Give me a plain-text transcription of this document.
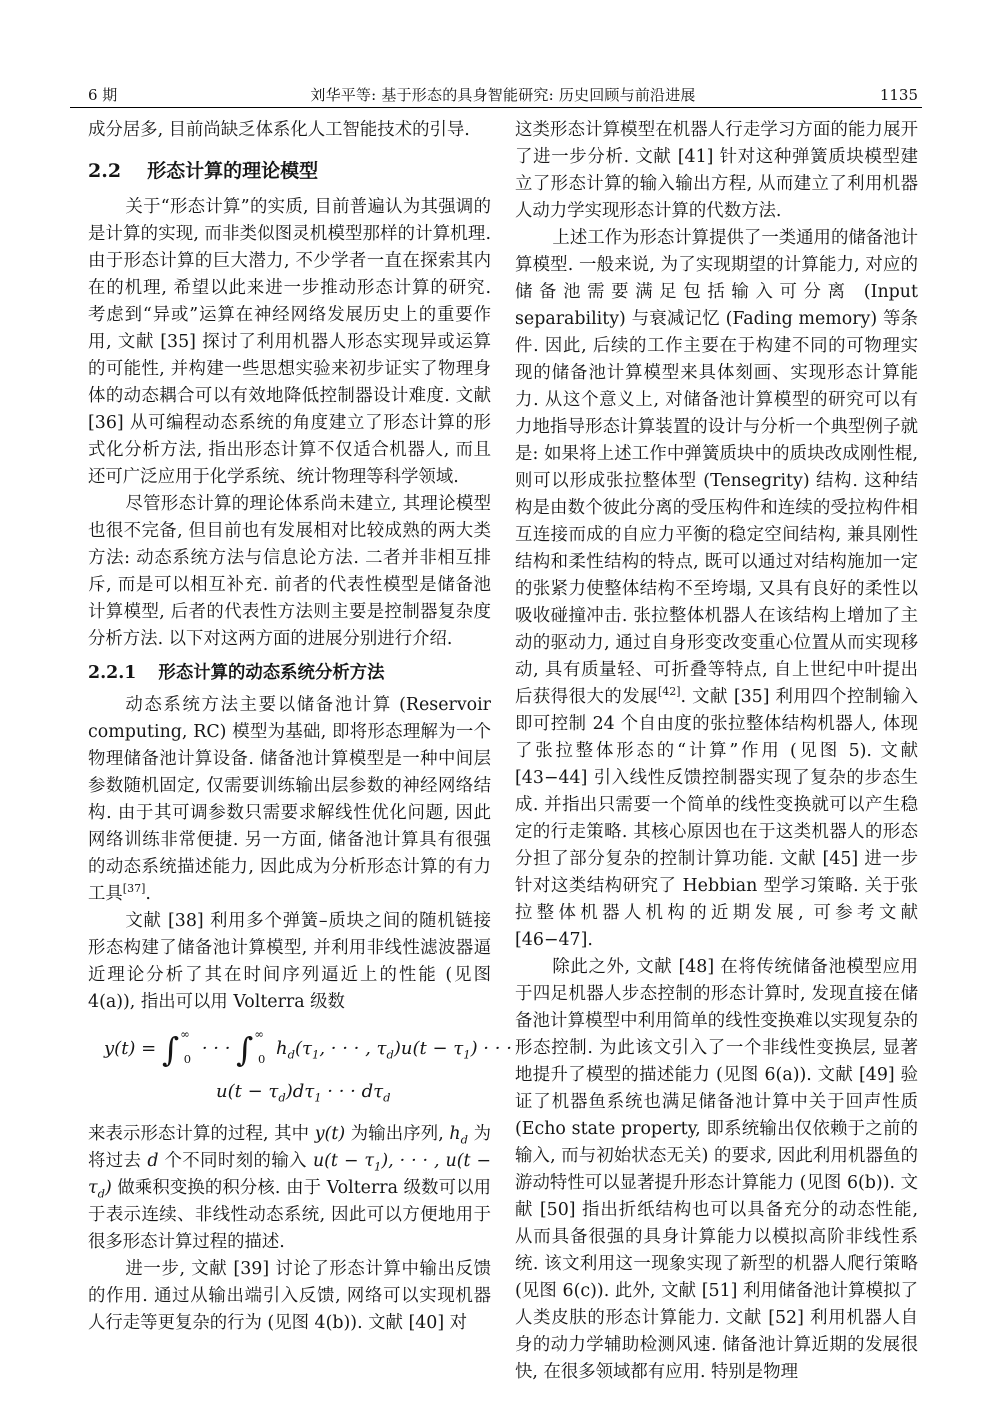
6 期	刘华平等: 基于形态的具身智能研究: 历史回顾与前沿进展	1135

成分居多, 目前尚缺乏体系化人工智能技术的引导.

2.2 形态计算的理论模型

关于“形态计算”的实质, 目前普遍认为其强调的是计算的实现, 而非类似图灵机模型那样的计算机理. 由于形态计算的巨大潜力, 不少学者一直在探索其内在的机理, 希望以此来进一步推动形态计算的研究. 考虑到“异或”运算在神经网络发展历史上的重要作用, 文献 [35] 探讨了利用机器人形态实现异或运算的可能性, 并构建一些思想实验来初步证实了物理身体的动态耦合可以有效地降低控制器设计难度. 文献 [36] 从可编程动态系统的角度建立了形态计算的形式化分析方法, 指出形态计算不仅适合机器人, 而且还可广泛应用于化学系统、统计物理等科学领域.

尽管形态计算的理论体系尚未建立, 其理论模型也很不完备, 但目前也有发展相对比较成熟的两大类方法: 动态系统方法与信息论方法. 二者并非相互排斥, 而是可以相互补充. 前者的代表性模型是储备池计算模型, 后者的代表性方法则主要是控制器复杂度分析方法. 以下对这两方面的进展分别进行介绍.

2.2.1 形态计算的动态系统分析方法

动态系统方法主要以储备池计算 (Reservoir computing, RC) 模型为基础, 即将形态理解为一个物理储备池计算设备. 储备池计算模型是一种中间层参数随机固定, 仅需要训练输出层参数的神经网络结构. 由于其可调参数只需要求解线性优化问题, 因此网络训练非常便捷. 另一方面, 储备池计算具有很强的动态系统描述能力, 因此成为分析形态计算的有力工具[37].

文献 [38] 利用多个弹簧–质块之间的随机链接形态构建了储备池计算模型, 并利用非线性滤波器逼近理论分析了其在时间序列逼近上的性能 (见图 4(a)), 指出可以用 Volterra 级数

$y(t) = \int^\infty_0$ · · · $\int^\infty_0$ $h_d(\tau_1$, · · · , $\tau_d)u(t - \tau_1)$ · · ·
$u(t - \tau_d)d\tau_1$ · · · $d\tau_d$

来表示形态计算的过程, 其中 y(t) 为输出序列, $h_d$ 为将过去 d 个不同时刻的输入 $u(t - \tau_1)$, · · · , $u(t - \tau_d)$ 做乘积变换的积分核. 由于 Volterra 级数可以用于表示连续、非线性动态系统, 因此可以方便地用于很多形态计算过程的描述.

进一步, 文献 [39] 讨论了形态计算中输出反馈的作用. 通过从输出端引入反馈, 网络可以实现机器人行走等更复杂的行为 (见图 4(b)). 文献 [40] 对

这类形态计算模型在机器人行走学习方面的能力展开了进一步分析. 文献 [41] 针对这种弹簧质块模型建立了形态计算的输入输出方程, 从而建立了利用机器人动力学实现形态计算的代数方法.

上述工作为形态计算提供了一类通用的储备池计算模型. 一般来说, 为了实现期望的计算能力, 对应的储备池需要满足包括输入可分离 (Input separability) 与衰减记忆 (Fading memory) 等条件. 因此, 后续的工作主要在于构建不同的可物理实现的储备池计算模型来具体刻画、实现形态计算能力. 从这个意义上, 对储备池计算模型的研究可以有力地指导形态计算装置的设计与分析一个典型例子就是: 如果将上述工作中弹簧质块中的质块改成刚性棍, 则可以形成张拉整体型 (Tensegrity) 结构. 这种结构是由数个彼此分离的受压构件和连续的受拉构件相互连接而成的自应力平衡的稳定空间结构, 兼具刚性结构和柔性结构的特点, 既可以通过对结构施加一定的张紧力使整体结构不至垮塌, 又具有良好的柔性以吸收碰撞冲击. 张拉整体机器人在该结构上增加了主动的驱动力, 通过自身形变改变重心位置从而实现移动, 具有质量轻、可折叠等特点, 自上世纪中叶提出后获得很大的发展[42]. 文献 [35] 利用四个控制输入即可控制 24 个自由度的张拉整体结构机器人, 体现了张拉整体形态的“计算”作用 (见图 5). 文献 [43−44] 引入线性反馈控制器实现了复杂的步态生成. 并指出只需要一个简单的线性变换就可以产生稳定的行走策略. 其核心原因也在于这类机器人的形态分担了部分复杂的控制计算功能. 文献 [45] 进一步针对这类结构研究了 Hebbian 型学习策略. 关于张拉整体机器人机构的近期发展, 可参考文献 [46−47].

除此之外, 文献 [48] 在将传统储备池模型应用于四足机器人步态控制的形态计算时, 发现直接在储备池计算模型中利用简单的线性变换难以实现复杂的形态控制. 为此该文引入了一个非线性变换层, 显著地提升了模型的描述能力 (见图 6(a)). 文献 [49] 验证了机器鱼系统也满足储备池计算中关于回声性质 (Echo state property, 即系统输出仅依赖于之前的输入, 而与初始状态无关) 的要求, 因此利用机器鱼的游动特性可以显著提升形态计算能力 (见图 6(b)). 文献 [50] 指出折纸结构也可以具备充分的动态性能, 从而具备很强的具身计算能力以模拟高阶非线性系统. 该文利用这一现象实现了新型的机器人爬行策略 (见图 6(c)). 此外, 文献 [51] 利用储备池计算模拟了人类皮肤的形态计算能力. 文献 [52] 利用机器人自身的动力学辅助检测风速. 储备池计算近期的发展很快, 在很多领域都有应用. 特别是物理
